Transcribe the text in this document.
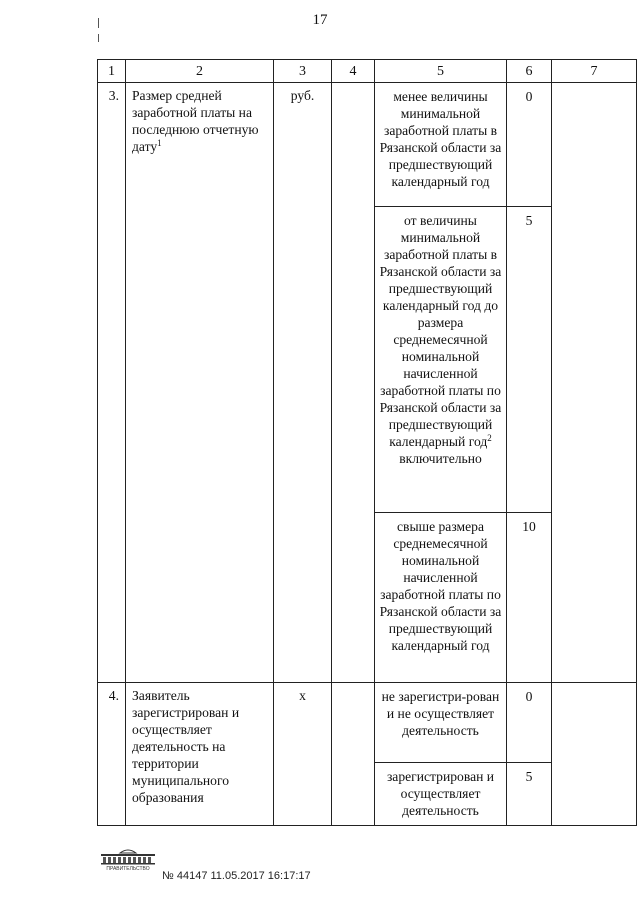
17
1	2	3	4	5	6	7
3.	Размер средней заработной платы на последнюю отчетную дату$^1$	руб.		менее величины минимальной заработной платы в Рязанской области за предшествующий календарный год	0	
				от величины минимальной заработной платы в Рязанской области за предшествующий календарный год до размера среднемесячной номинальной начисленной заработной платы по Рязанской области за предшествующий календарный год$^2$ включительно	5	
				свыше размера среднемесячной номинальной начисленной заработной платы по Рязанской области за предшествующий календарный год	10	
4.	Заявитель зарегистрирован и осуществляет деятельность на территории муниципального образования	х		не зарегистри-рован и не осуществляет деятельность	0	
				зарегистрирован и осуществляет деятельность	5	
ПРАВИТЕЛЬСТВО
№ 44147 11.05.2017 16:17:17
